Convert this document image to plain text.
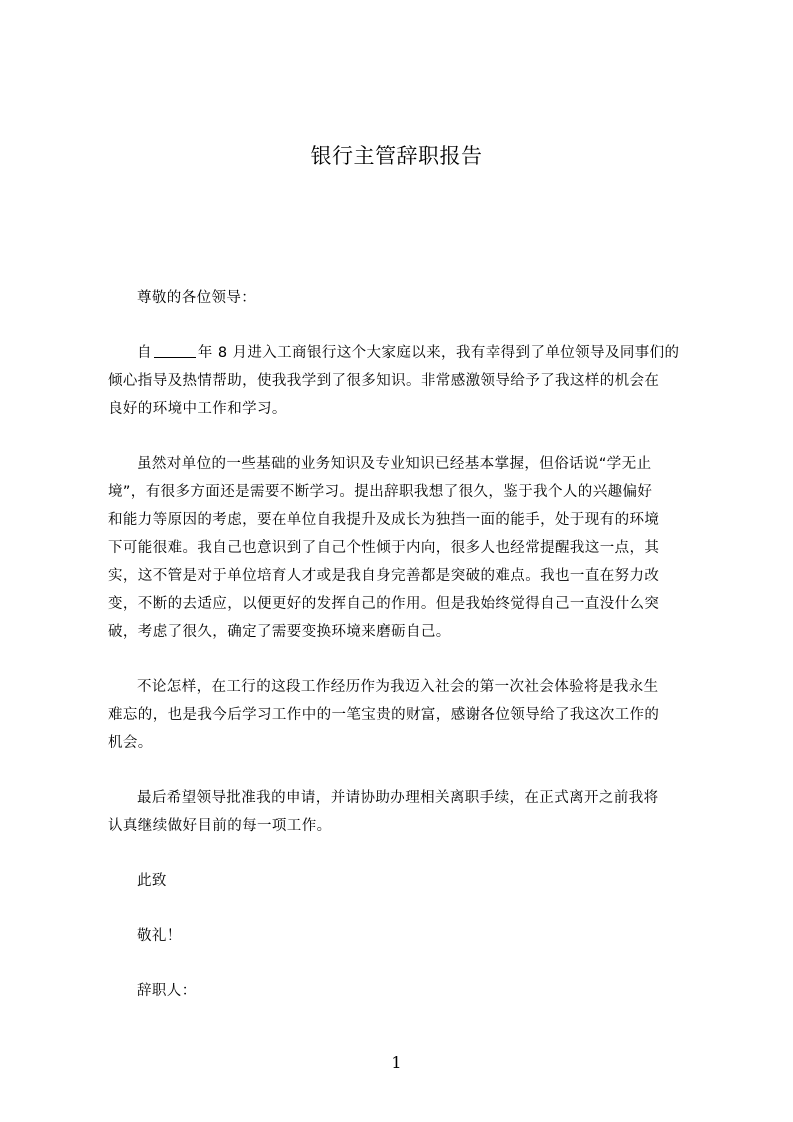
银行主管辞职报告
尊敬的各位领导：
自	年 8 月进入工商银行这个大家庭以来，我有幸得到了单位领导及同事们的
倾心指导及热情帮助，使我我学到了很多知识。非常感激领导给予了我这样的机会在
良好的环境中工作和学习。
虽然对单位的一些基础的业务知识及专业知识已经基本掌握，但俗话说“学无止
境”，有很多方面还是需要不断学习。提出辞职我想了很久，鉴于我个人的兴趣偏好
和能力等原因的考虑，要在单位自我提升及成长为独挡一面的能手，处于现有的环境
下可能很难。我自己也意识到了自己个性倾于内向，很多人也经常提醒我这一点，其
实，这不管是对于单位培育人才或是我自身完善都是突破的难点。我也一直在努力改
变，不断的去适应，以便更好的发挥自己的作用。但是我始终觉得自己一直没什么突
破，考虑了很久，确定了需要变换环境来磨砺自己。
不论怎样，在工行的这段工作经历作为我迈入社会的第一次社会体验将是我永生
难忘的，也是我今后学习工作中的一笔宝贵的财富，感谢各位领导给了我这次工作的
机会。
最后希望领导批准我的申请，并请协助办理相关离职手续，在正式离开之前我将
认真继续做好目前的每一项工作。
此致
敬礼！
辞职人：
1
